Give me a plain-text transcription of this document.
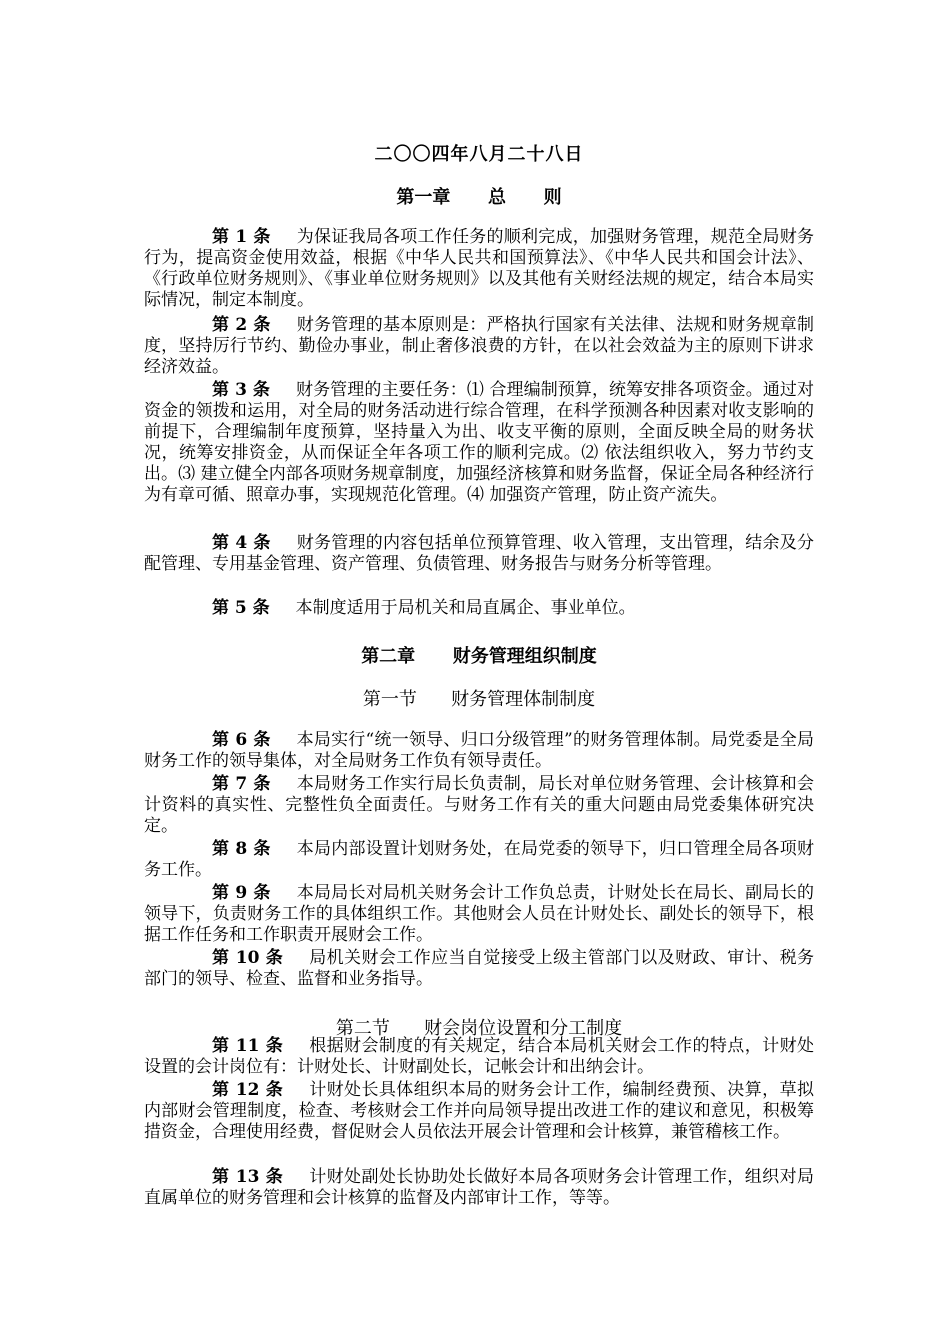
二〇〇四年八月二十八日
第一章      总      则

第 1 条 为保证我局各项工作任务的顺利完成，加强财务管理，规范全局财务行为，提高资金使用效益，根据《中华人民共和国预算法》、《中华人民共和国会计法》、《行政单位财务规则》、《事业单位财务规则》以及其他有关财经法规的规定，结合本局实际情况，制定本制度。

第 2 条 财务管理的基本原则是：严格执行国家有关法律、法规和财务规章制度，坚持厉行节约、勤俭办事业，制止奢侈浪费的方针，在以社会效益为主的原则下讲求经济效益。

第 3 条 财务管理的主要任务：⑴ 合理编制预算，统筹安排各项资金。通过对资金的领拨和运用，对全局的财务活动进行综合管理，在科学预测各种因素对收支影响的前提下，合理编制年度预算，坚持量入为出、收支平衡的原则，全面反映全局的财务状况，统筹安排资金，从而保证全年各项工作的顺利完成。⑵ 依法组织收入，努力节约支出。⑶ 建立健全内部各项财务规章制度，加强经济核算和财务监督，保证全局各种经济行为有章可循、照章办事，实现规范化管理。⑷ 加强资产管理，防止资产流失。

第 4 条 财务管理的内容包括单位预算管理、收入管理，支出管理，结余及分配管理、专用基金管理、资产管理、负债管理、财务报告与财务分析等管理。

第 5 条 本制度适用于局机关和局直属企、事业单位。

第二章      财务管理组织制度
第一节      财务管理体制制度

第 6 条 本局实行“统一领导、归口分级管理”的财务管理体制。局党委是全局财务工作的领导集体，对全局财务工作负有领导责任。

第 7 条 本局财务工作实行局长负责制，局长对单位财务管理、会计核算和会计资料的真实性、完整性负全面责任。与财务工作有关的重大问题由局党委集体研究决定。

第 8 条 本局内部设置计划财务处，在局党委的领导下，归口管理全局各项财务工作。

第 9 条 本局局长对局机关财务会计工作负总责，计财处长在局长、副局长的领导下，负责财务工作的具体组织工作。其他财会人员在计财处长、副处长的领导下，根据工作任务和工作职责开展财会工作。

第 10 条 局机关财会工作应当自觉接受上级主管部门以及财政、审计、税务部门的领导、检查、监督和业务指导。

第二节      财会岗位设置和分工制度

第 11 条 根据财会制度的有关规定，结合本局机关财会工作的特点，计财处设置的会计岗位有：计财处长、计财副处长，记帐会计和出纳会计。

第 12 条 计财处长具体组织本局的财务会计工作，编制经费预、决算，草拟内部财会管理制度，检查、考核财会工作并向局领导提出改进工作的建议和意见，积极筹措资金，合理使用经费，督促财会人员依法开展会计管理和会计核算，兼管稽核工作。

第 13 条 计财处副处长协助处长做好本局各项财务会计管理工作，组织对局直属单位的财务管理和会计核算的监督及内部审计工作，等等。
